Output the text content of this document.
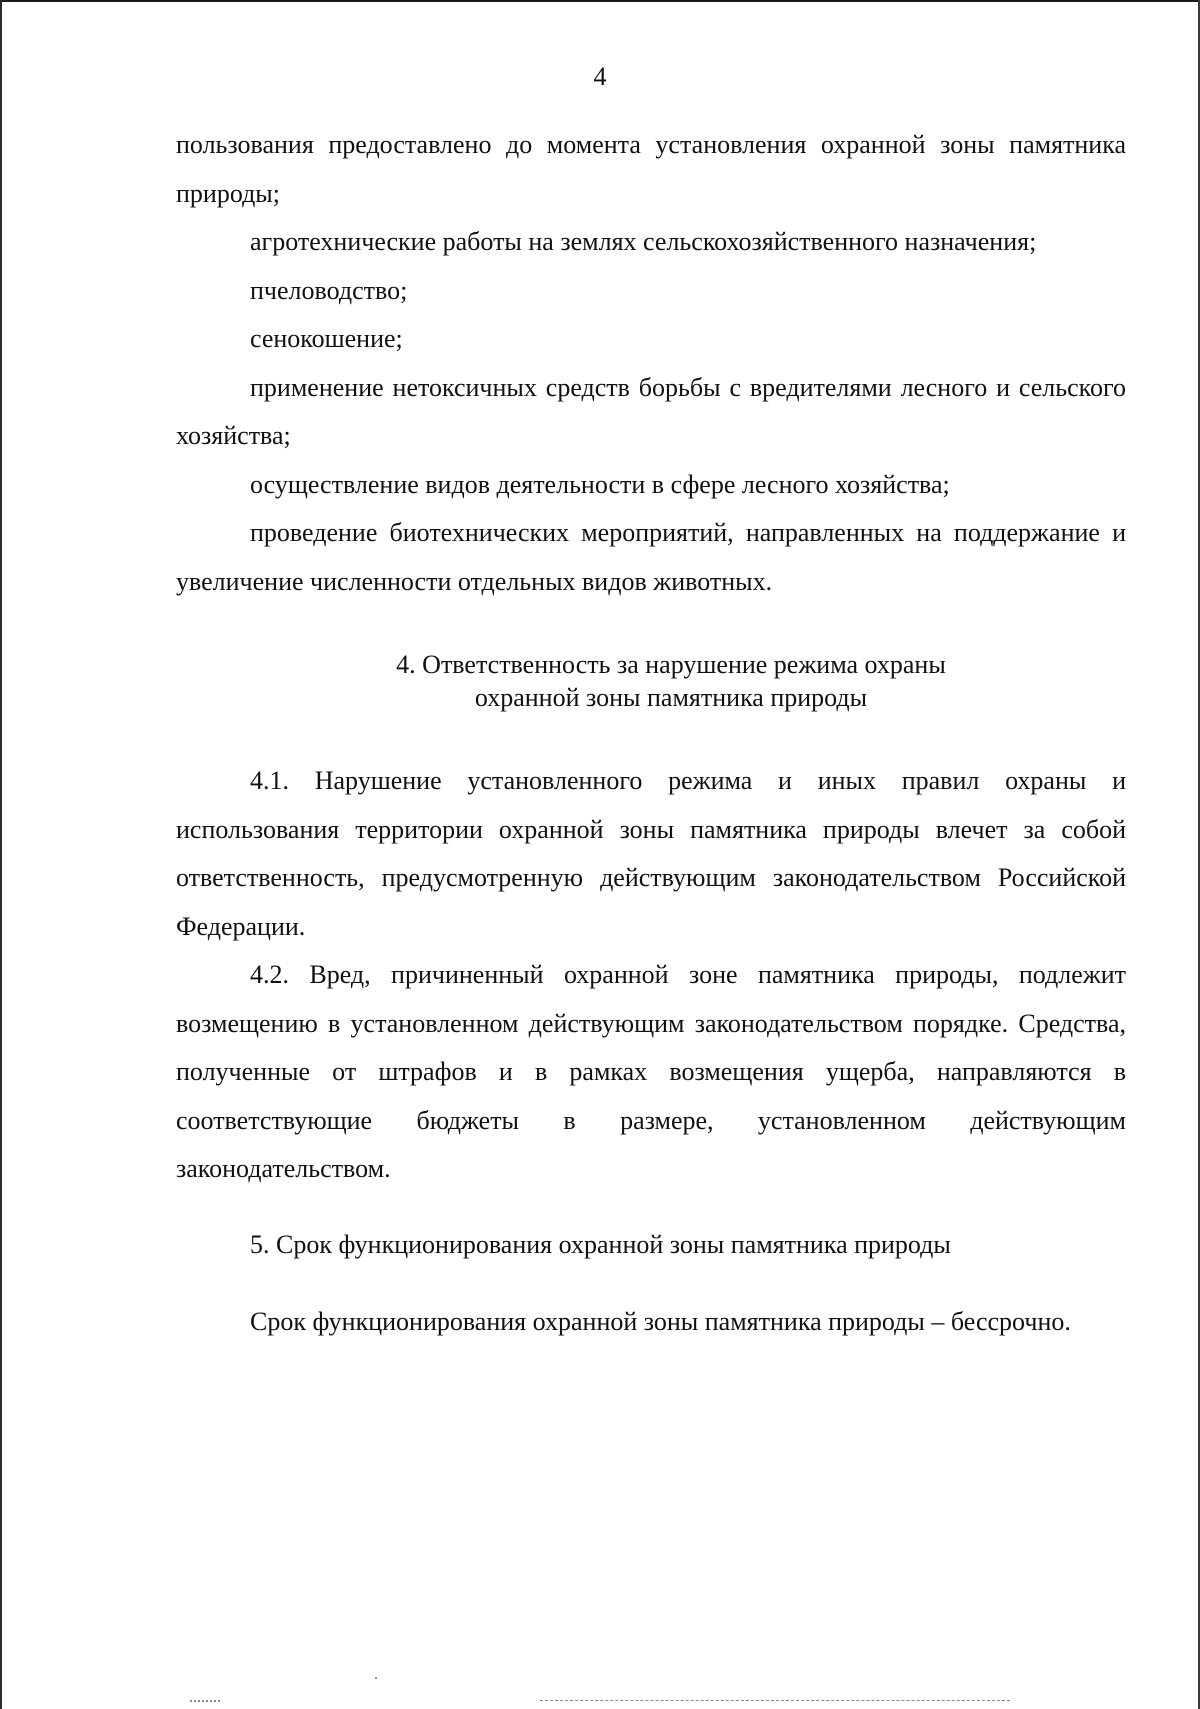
4

пользования предоставлено до момента установления охранной зоны памятника природы;

агротехнические работы на землях сельскохозяйственного назначения;

пчеловодство;

сенокошение;

применение нетоксичных средств борьбы с вредителями лесного и сельского хозяйства;

осуществление видов деятельности в сфере лесного хозяйства;

проведение биотехнических мероприятий, направленных на поддержание и увеличение численности отдельных видов животных.

4. Ответственность за нарушение режима охраны
охранной зоны памятника природы

4.1. Нарушение установленного режима и иных правил охраны и использования территории охранной зоны памятника природы влечет за собой ответственность, предусмотренную действующим законодательством Российской Федерации.

4.2. Вред, причиненный охранной зоне памятника природы, подлежит возмещению в установленном действующим законодательством порядке. Средства, полученные от штрафов и в рамках возмещения ущерба, направляются в соответствующие бюджеты в размере, установленном действующим законодательством.

5. Срок функционирования охранной зоны памятника природы

Срок функционирования охранной зоны памятника природы – бессрочно.
